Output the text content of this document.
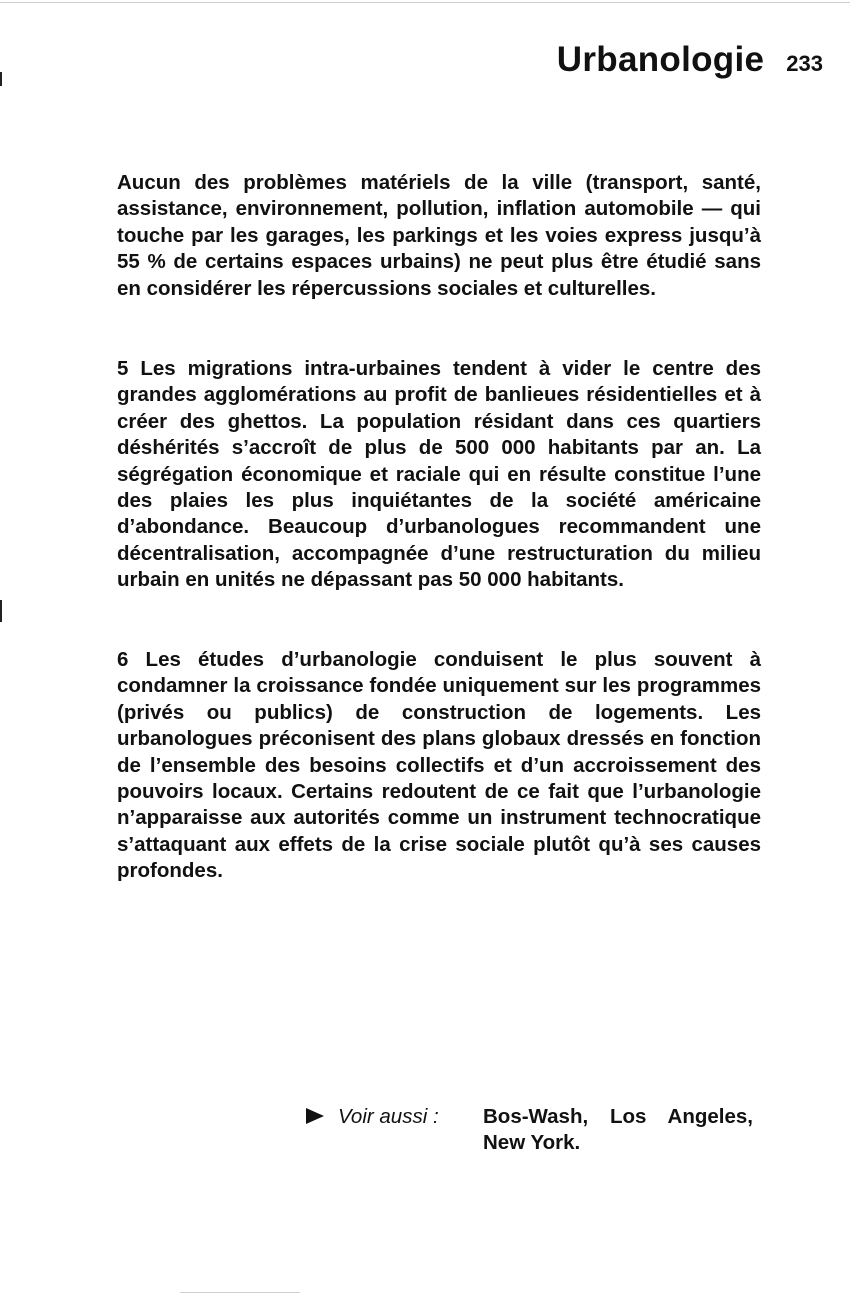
Urbanologie 233

Aucun des problèmes matériels de la ville (transport, santé, assistance, environnement, pollution, inflation automobile — qui touche par les garages, les parkings et les voies express jusqu’à 55 % de certains espaces urbains) ne peut plus être étudié sans en considérer les répercussions sociales et culturelles.

5 Les migrations intra-urbaines tendent à vider le centre des grandes agglomérations au profit de banlieues résidentielles et à créer des ghettos. La population résidant dans ces quartiers déshérités s’accroît de plus de 500 000 habitants par an. La ségrégation économique et raciale qui en résulte constitue l’une des plaies les plus inquiétantes de la société américaine d’abondance. Beaucoup d’urbanologues recommandent une décentralisation, accompagnée d’une restructuration du milieu urbain en unités ne dépassant pas 50 000 habitants.

6 Les études d’urbanologie conduisent le plus souvent à condamner la croissance fondée uniquement sur les programmes (privés ou publics) de construction de logements. Les urbanologues préconisent des plans globaux dressés en fonction de l’ensemble des besoins collectifs et d’un accroissement des pouvoirs locaux. Certains redoutent de ce fait que l’urbanologie n’apparaisse aux autorités comme un instrument technocratique s’attaquant aux effets de la crise sociale plutôt qu’à ses causes profondes.

Voir aussi : Bos-Wash, Los Angeles, New York.
